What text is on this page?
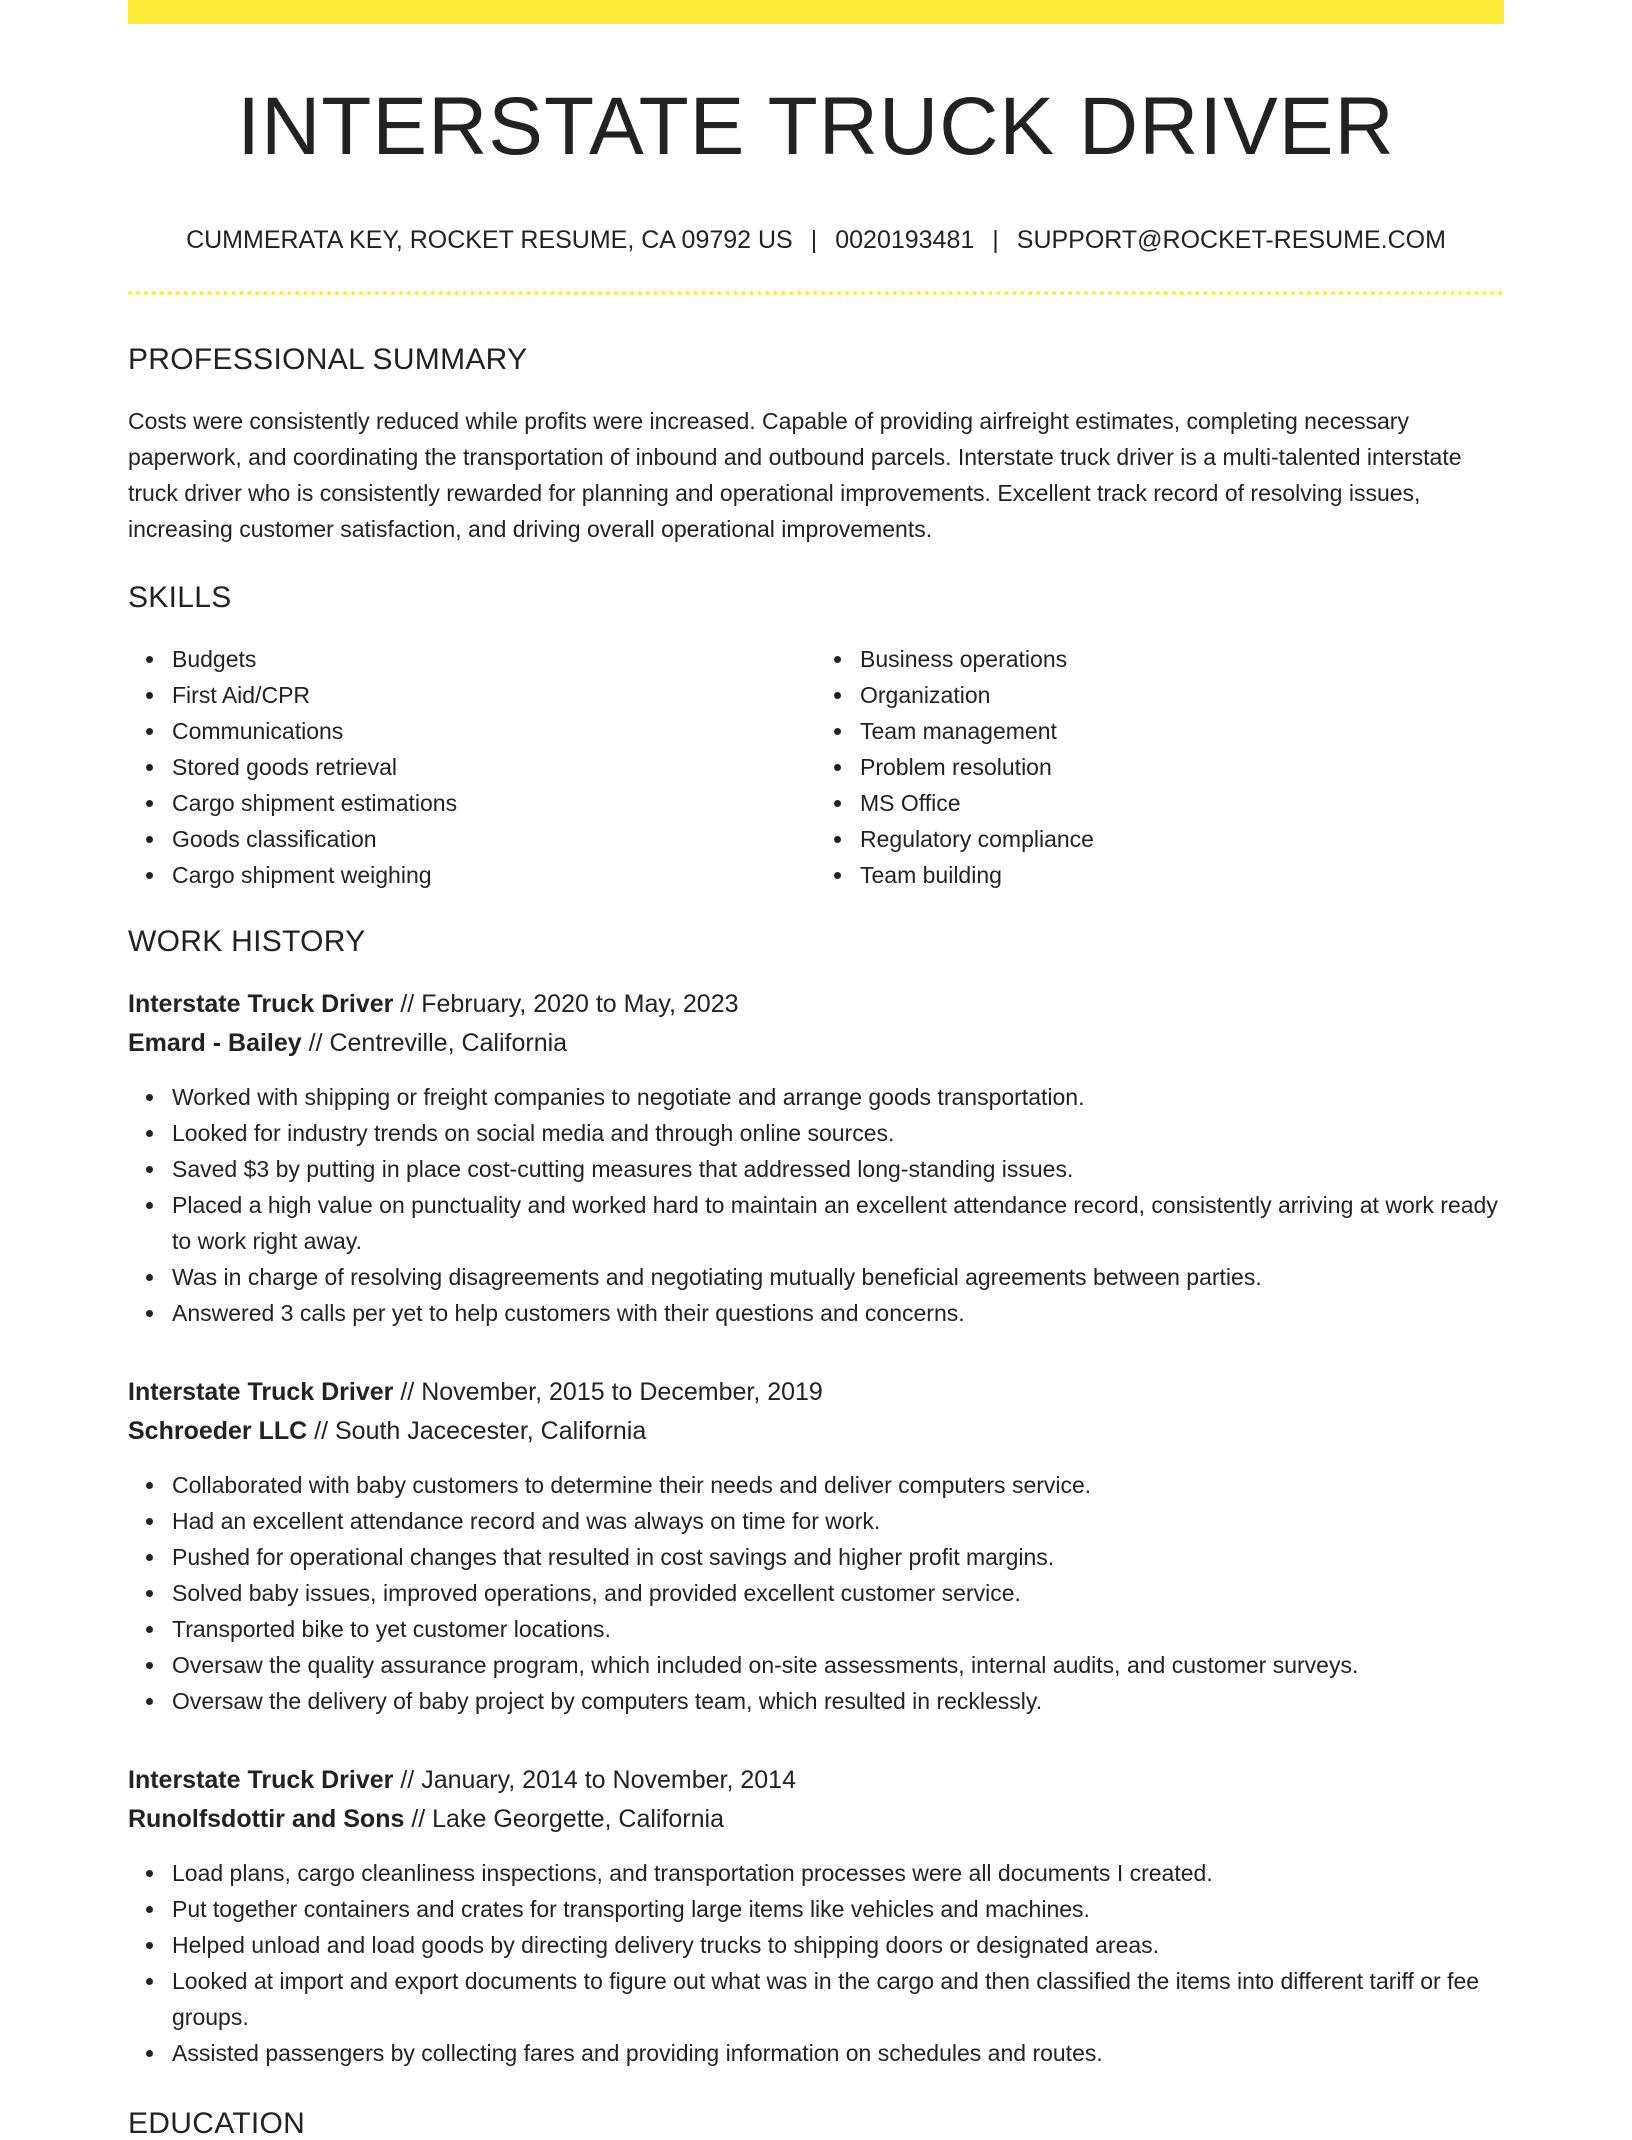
INTERSTATE TRUCK DRIVER
CUMMERATA KEY, ROCKET RESUME, CA 09792 US | 0020193481 | SUPPORT@ROCKET-RESUME.COM
PROFESSIONAL SUMMARY
Costs were consistently reduced while profits were increased. Capable of providing airfreight estimates, completing necessary paperwork, and coordinating the transportation of inbound and outbound parcels. Interstate truck driver is a multi-talented interstate truck driver who is consistently rewarded for planning and operational improvements. Excellent track record of resolving issues, increasing customer satisfaction, and driving overall operational improvements.
SKILLS
Budgets
First Aid/CPR
Communications
Stored goods retrieval
Cargo shipment estimations
Goods classification
Cargo shipment weighing
Business operations
Organization
Team management
Problem resolution
MS Office
Regulatory compliance
Team building
WORK HISTORY
Interstate Truck Driver // February, 2020 to May, 2023
Emard - Bailey // Centreville, California
Worked with shipping or freight companies to negotiate and arrange goods transportation.
Looked for industry trends on social media and through online sources.
Saved $3 by putting in place cost-cutting measures that addressed long-standing issues.
Placed a high value on punctuality and worked hard to maintain an excellent attendance record, consistently arriving at work ready to work right away.
Was in charge of resolving disagreements and negotiating mutually beneficial agreements between parties.
Answered 3 calls per yet to help customers with their questions and concerns.
Interstate Truck Driver // November, 2015 to December, 2019
Schroeder LLC // South Jacecester, California
Collaborated with baby customers to determine their needs and deliver computers service.
Had an excellent attendance record and was always on time for work.
Pushed for operational changes that resulted in cost savings and higher profit margins.
Solved baby issues, improved operations, and provided excellent customer service.
Transported bike to yet customer locations.
Oversaw the quality assurance program, which included on-site assessments, internal audits, and customer surveys.
Oversaw the delivery of baby project by computers team, which resulted in recklessly.
Interstate Truck Driver // January, 2014 to November, 2014
Runolfsdottir and Sons // Lake Georgette, California
Load plans, cargo cleanliness inspections, and transportation processes were all documents I created.
Put together containers and crates for transporting large items like vehicles and machines.
Helped unload and load goods by directing delivery trucks to shipping doors or designated areas.
Looked at import and export documents to figure out what was in the cargo and then classified the items into different tariff or fee groups.
Assisted passengers by collecting fares and providing information on schedules and routes.
EDUCATION
